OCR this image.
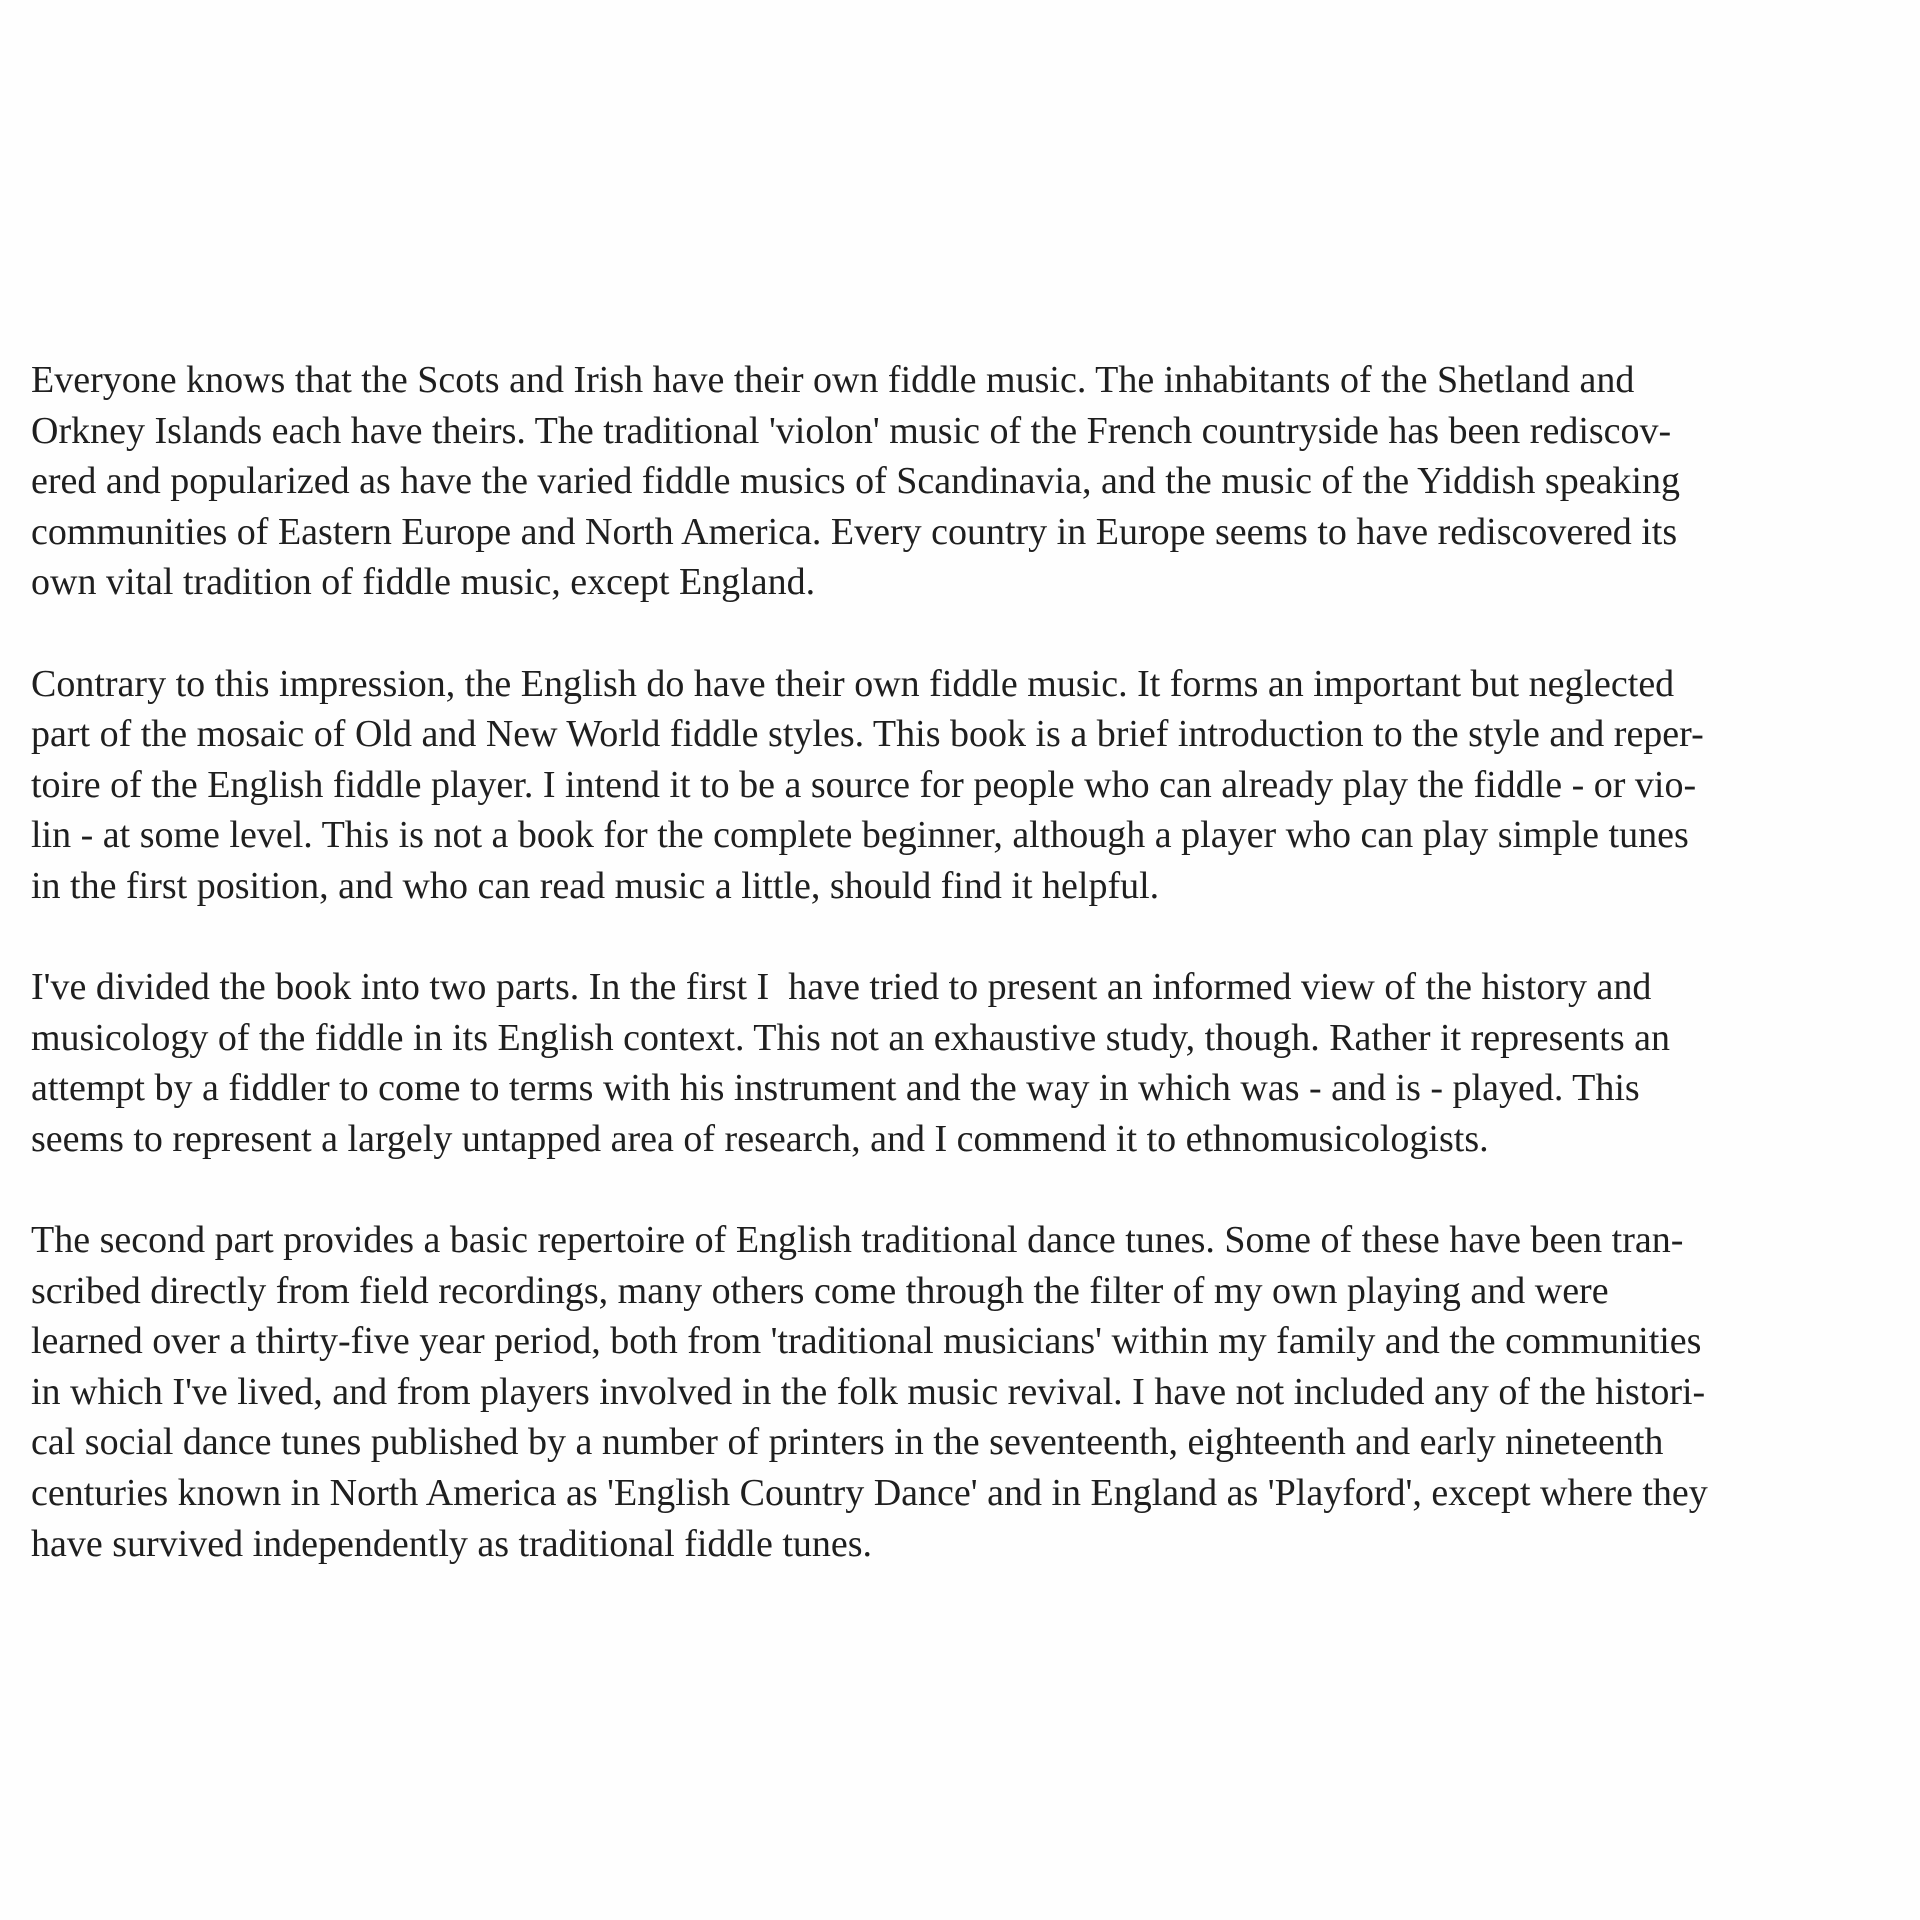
Everyone knows that the Scots and Irish have their own fiddle music. The inhabitants of the Shetland and
Orkney Islands each have theirs. The traditional 'violon' music of the French countryside has been rediscov-
ered and popularized as have the varied fiddle musics of Scandinavia, and the music of the Yiddish speaking
communities of Eastern Europe and North America. Every country in Europe seems to have rediscovered its
own vital tradition of fiddle music, except England.

Contrary to this impression, the English do have their own fiddle music. It forms an important but neglected
part of the mosaic of Old and New World fiddle styles. This book is a brief introduction to the style and reper-
toire of the English fiddle player. I intend it to be a source for people who can already play the fiddle - or vio-
lin - at some level. This is not a book for the complete beginner, although a player who can play simple tunes
in the first position, and who can read music a little, should find it helpful.

I've divided the book into two parts. In the first I  have tried to present an informed view of the history and
musicology of the fiddle in its English context. This not an exhaustive study, though. Rather it represents an
attempt by a fiddler to come to terms with his instrument and the way in which was - and is - played. This
seems to represent a largely untapped area of research, and I commend it to ethnomusicologists.

The second part provides a basic repertoire of English traditional dance tunes. Some of these have been tran-
scribed directly from field recordings, many others come through the filter of my own playing and were
learned over a thirty-five year period, both from 'traditional musicians' within my family and the communities
in which I've lived, and from players involved in the folk music revival. I have not included any of the histori-
cal social dance tunes published by a number of printers in the seventeenth, eighteenth and early nineteenth
centuries known in North America as 'English Country Dance' and in England as 'Playford', except where they
have survived independently as traditional fiddle tunes.
